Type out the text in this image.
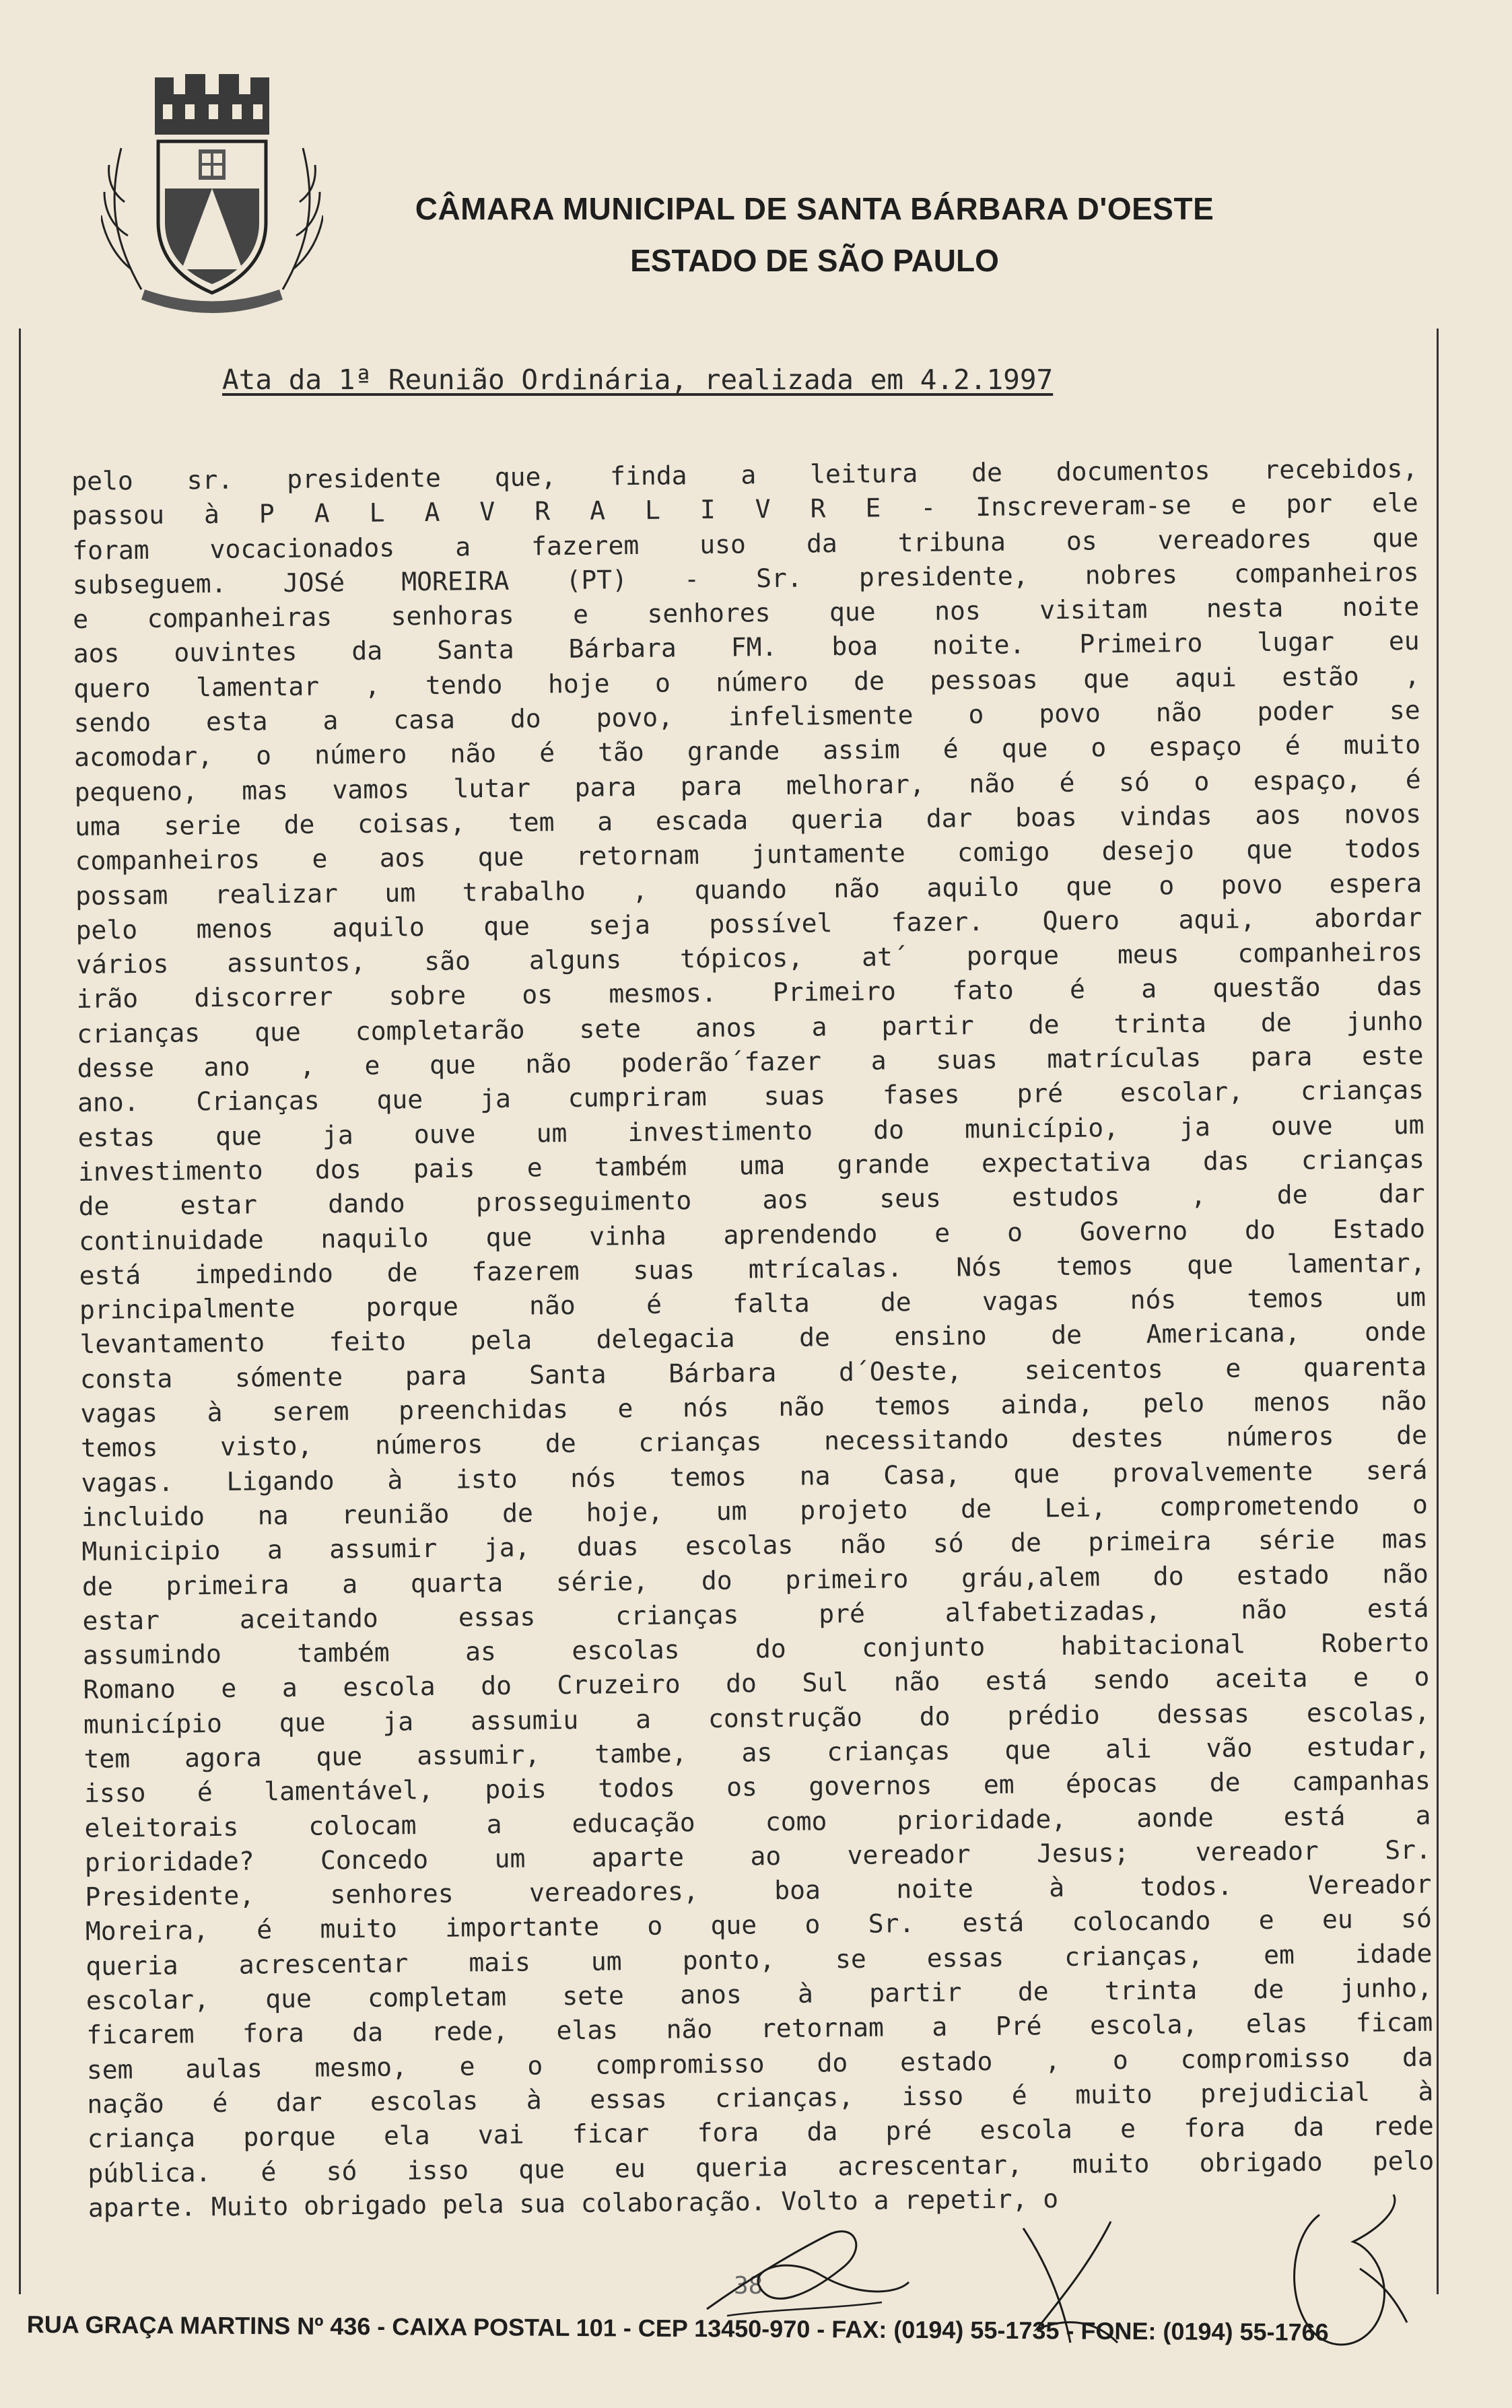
CÂMARA MUNICIPAL DE SANTA BÁRBARA D'OESTE
ESTADO DE SÃO PAULO
Ata da 1ª Reunião Ordinária, realizada em 4.2.1997
pelo sr. presidente que, finda a leitura de documentos recebidos,
passou à P A L A V R A L I V R E - Inscreveram-se e por ele
foram vocacionados a fazerem uso da tribuna os vereadores que
subseguem. JOSé MOREIRA (PT) - Sr. presidente, nobres companheiros
e companheiras senhoras e senhores que nos visitam nesta noite
aos ouvintes da Santa Bárbara FM. boa noite. Primeiro lugar eu
quero lamentar , tendo hoje o número de pessoas que aqui estão ,
sendo esta a casa do povo, infelismente o povo não poder se
acomodar, o número não é tão grande assim é que o espaço é muito
pequeno, mas vamos lutar para para melhorar, não é só o espaço, é
uma serie de coisas, tem a escada queria dar boas vindas aos novos
companheiros e aos que retornam juntamente comigo desejo que todos
possam realizar um trabalho , quando não aquilo que o povo espera
pelo menos aquilo que seja possível fazer. Quero aqui, abordar
vários assuntos, são alguns tópicos, at´ porque meus companheiros
irão discorrer sobre os mesmos. Primeiro fato é a questão das
crianças que completarão sete anos a partir de trinta de junho
desse ano , e que não poderão´fazer a suas matrículas para este
ano. Crianças que ja cumpriram suas fases pré escolar, crianças
estas que ja ouve um investimento do município, ja ouve um
investimento dos pais e também uma grande expectativa das crianças
de estar dando prosseguimento aos seus estudos , de dar
continuidade naquilo que vinha aprendendo e o Governo do Estado
está impedindo de fazerem suas mtrícalas. Nós temos que lamentar,
principalmente porque não é falta de vagas nós temos um
levantamento feito pela delegacia de ensino de Americana, onde
consta sómente para Santa Bárbara d´Oeste, seicentos e quarenta
vagas à serem preenchidas e nós não temos ainda, pelo menos não
temos visto, números de crianças necessitando destes números de
vagas. Ligando à isto nós temos na Casa, que provalvemente será
incluido na reunião de hoje, um projeto de Lei, comprometendo o
Municipio a assumir ja, duas escolas não só de primeira série mas
de primeira a quarta série, do primeiro gráu,alem do estado não
estar aceitando essas crianças pré alfabetizadas, não está
assumindo também as escolas do conjunto habitacional Roberto
Romano e a escola do Cruzeiro do Sul não está sendo aceita e o
município que ja assumiu a construção do prédio dessas escolas,
tem agora que assumir, tambe, as crianças que ali vão estudar,
isso é lamentável, pois todos os governos em épocas de campanhas
eleitorais colocam a educação como prioridade, aonde está a
prioridade? Concedo um aparte ao vereador Jesus; vereador Sr.
Presidente, senhores vereadores, boa noite à todos. Vereador
Moreira, é muito importante o que o Sr. está colocando e eu só
queria acrescentar mais um ponto, se essas crianças, em idade
escolar, que completam sete anos à partir de trinta de junho,
ficarem fora da rede, elas não retornam a Pré escola, elas ficam
sem aulas mesmo, e o compromisso do estado , o compromisso da
nação é dar escolas à essas crianças, isso é muito prejudicial à
criança porque ela vai ficar fora da pré escola e fora da rede
pública. é só isso que eu queria acrescentar, muito obrigado pelo
aparte. Muito obrigado pela sua colaboração. Volto a repetir, o
38
RUA GRAÇA MARTINS Nº 436 - CAIXA POSTAL 101 - CEP 13450-970 - FAX: (0194) 55-1735 - FONE: (0194) 55-1766
